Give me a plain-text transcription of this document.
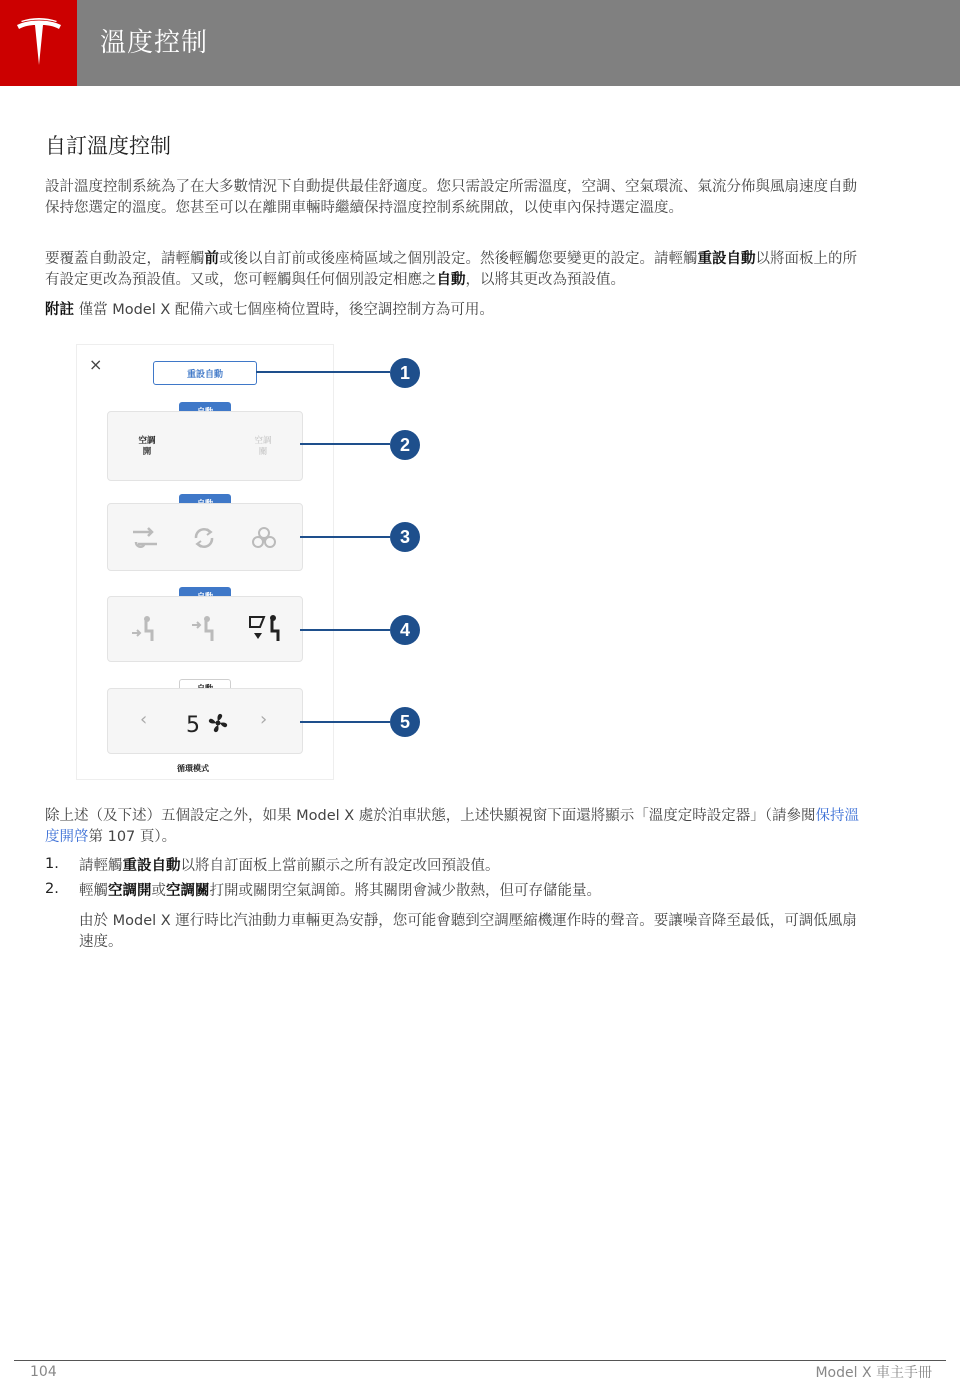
溫度控制
自訂溫度控制
設計溫度控制系統為了在大多數情況下自動提供最佳舒適度。您只需設定所需溫度，空調、空氣環流、氣流分佈與風扇速度自動保持您選定的溫度。您甚至可以在離開車輛時繼續保持溫度控制系統開啟，以使車內保持選定溫度。
要覆蓋自動設定，請輕觸前或後以自訂前或後座椅區域之個別設定。然後輕觸您要變更的設定。請輕觸重設自動以將面板上的所有設定更改為預設值。又或，您可輕觸與任何個別設定相應之自動，以將其更改為預設值。
附註 僅當 Model X 配備六或七個座椅位置時，後空調控制方為可用。
×
重設自動
空調
開
空調
關
‹ 5	›
循環模式
1
2
3
4
5
除上述（及下述）五個設定之外，如果 Model X 處於泊車狀態，上述快顯視窗下面還將顯示「溫度定時設定器」（請參閱保持溫度開啓第 107 頁）。
1. 請輕觸重設自動以將自訂面板上當前顯示之所有設定改回預設值。
2. 輕觸空調開或空調關打開或關閉空氣調節。將其關閉會減少散熱，但可存儲能量。
由於 Model X 運行時比汽油動力車輛更為安靜，您可能會聽到空調壓縮機運作時的聲音。要讓噪音降至最低，可調低風扇速度。
104	Model X 車主手冊
